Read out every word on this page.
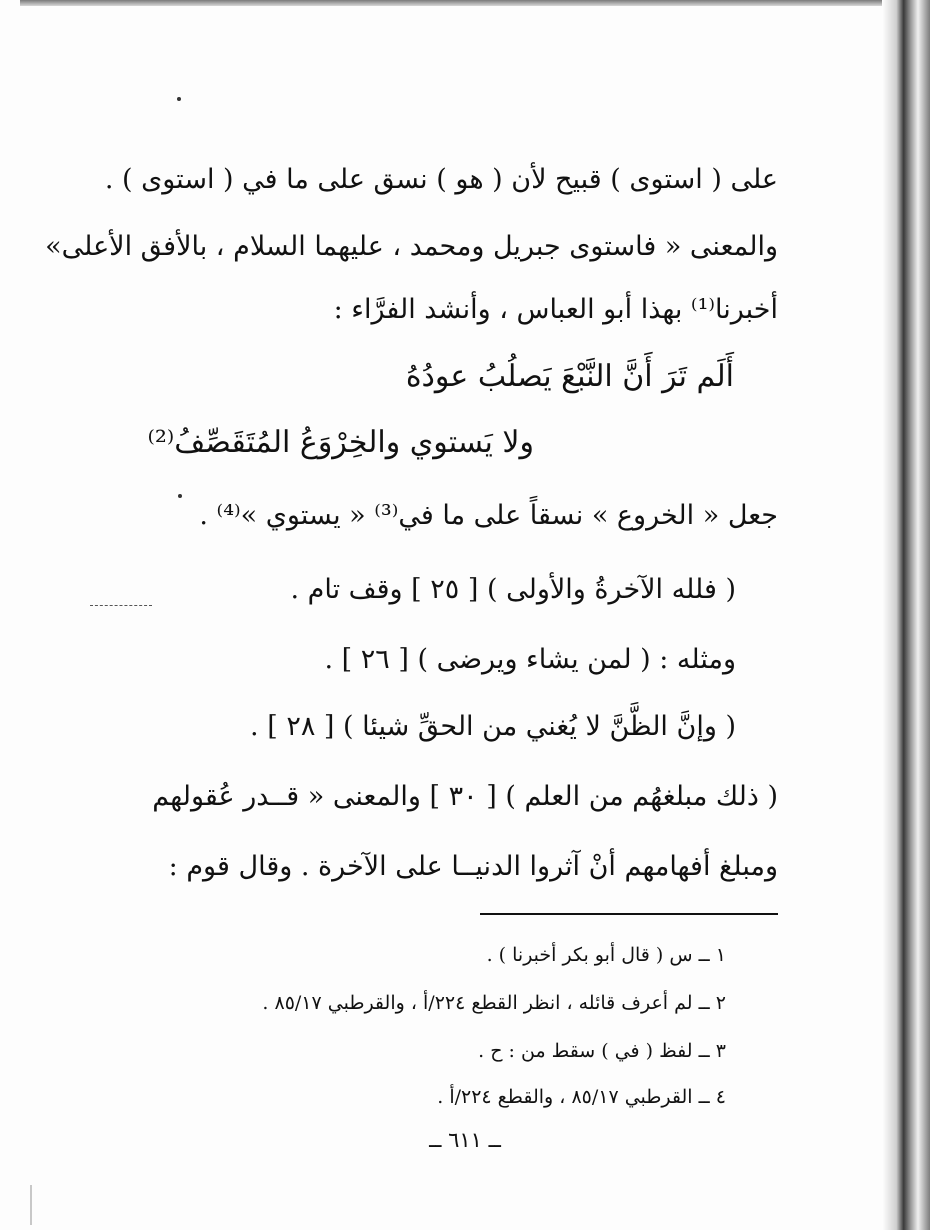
على ( استوى ) قبيح لأن ( هو ) نسق على ما في ( استوى ) .
والمعنى « فاستوى جبريل ومحمد ، عليهما السلام ، بالأفق الأعلى»
أخبرنا⁽¹⁾ بهذا أبو العباس ، وأنشد الفرَّاء :
أَلَم تَرَ أَنَّ النَّبْعَ يَصلُبُ عودُهُ
ولا يَستوي والخِرْوَعُ المُتَقَصِّفُ⁽²⁾
جعل « الخروع » نسقاً على ما في⁽³⁾ « يستوي »⁽⁴⁾ .
( فلله الآخرةُ والأولى ) [ ٢٥ ] وقف تام .
ومثله : ( لمن يشاء ويرضى ) [ ٢٦ ] .
( وإنَّ الظَّنَّ لا يُغني من الحقِّ شيئا ) [ ٢٨ ] .
( ذلك مبلغهُم من العلم ) [ ٣٠ ] والمعنى « قــدر عُقولهم
ومبلغ أفهامهم أنْ آثروا الدنيــا على الآخرة . وقال قوم :
١ ــ س ( قال أبو بكر أخبرنا ) .
٢ ــ لم أعرف قائله ، انظر القطع ٢٢٤/أ ، والقرطبي ٨٥/١٧ .
٣ ــ لفظ ( في ) سقط من : ح .
٤ ــ القرطبي ٨٥/١٧ ، والقطع ٢٢٤/أ .
ــ ٦١١ ــ
